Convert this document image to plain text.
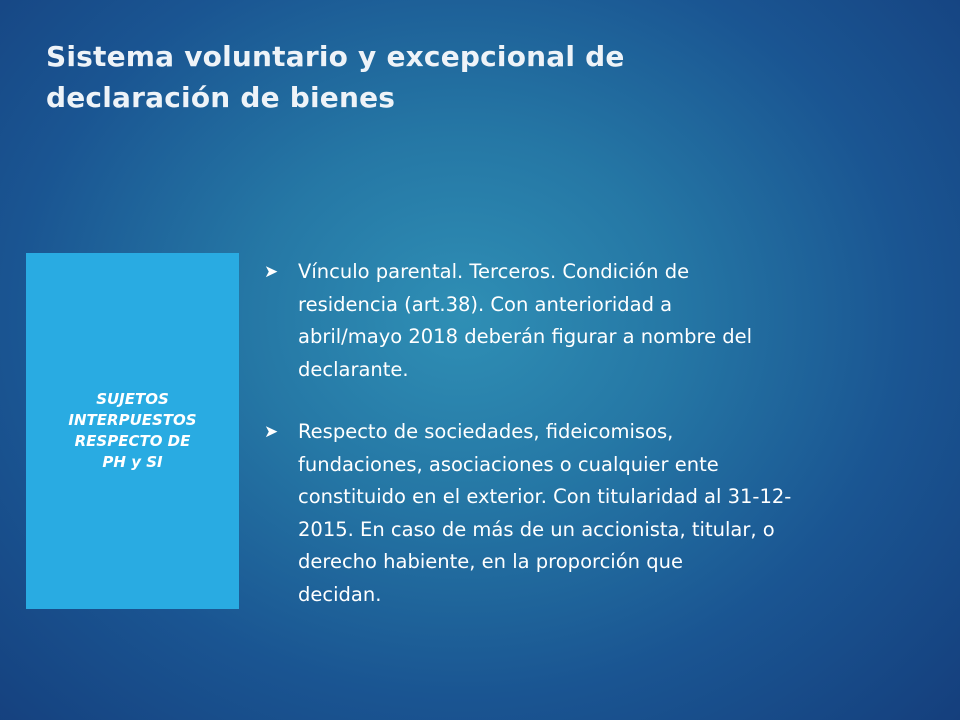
Sistema voluntario y excepcional de
declaración de bienes
SUJETOS
INTERPUESTOS
RESPECTO DE
PH y SI
➤ Vínculo parental. Terceros. Condición de
residencia (art.38). Con anterioridad a
abril/mayo 2018 deberán figurar a nombre del
declarante.
➤ Respecto de sociedades, fideicomisos,
fundaciones, asociaciones o cualquier ente
constituido en el exterior. Con titularidad al 31-12-
2015. En caso de más de un accionista, titular, o
derecho habiente, en la proporción que
decidan.
